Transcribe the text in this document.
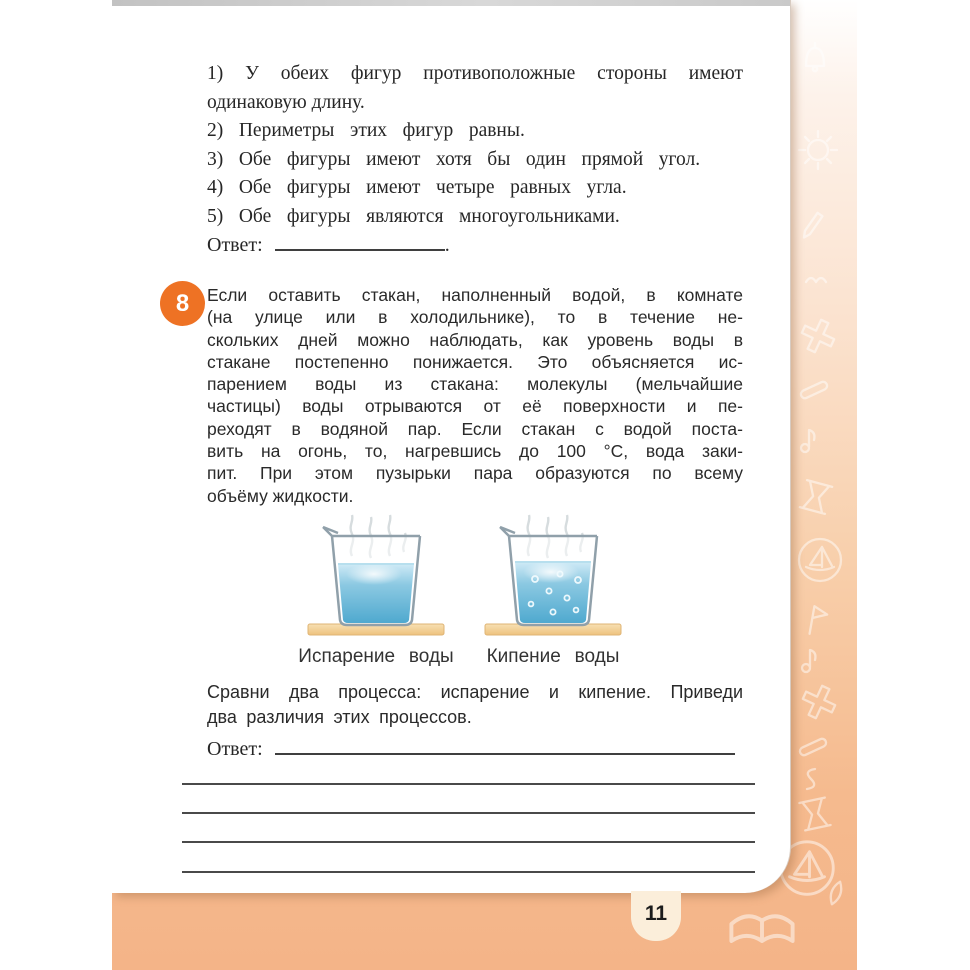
1) У обеих фигур противоположные стороны имеют
одинаковую длину.
2) Периметры этих фигур равны.
3) Обе фигуры имеют хотя бы один прямой угол.
4) Обе фигуры имеют четыре равных угла.
5) Обе фигуры являются многоугольниками.
Ответ:	.
8	Если оставить стакан, наполненный водой, в комнате
(на улице или в холодильнике), то в течение не-
скольких дней можно наблюдать, как уровень воды в
стакане постепенно понижается. Это объясняется ис-
парением воды из стакана: молекулы (мельчайшие
частицы) воды отрываются от её поверхности и пе-
реходят в водяной пар. Если стакан с водой поста-
вить на огонь, то, нагревшись до 100 °С, вода заки-
пит. При этом пузырьки пара образуются по всему
объёму жидкости.
Испарение воды	Кипение воды
Сравни два процесса: испарение и кипение. Приведи
два различия этих процессов.
Ответ:
11
